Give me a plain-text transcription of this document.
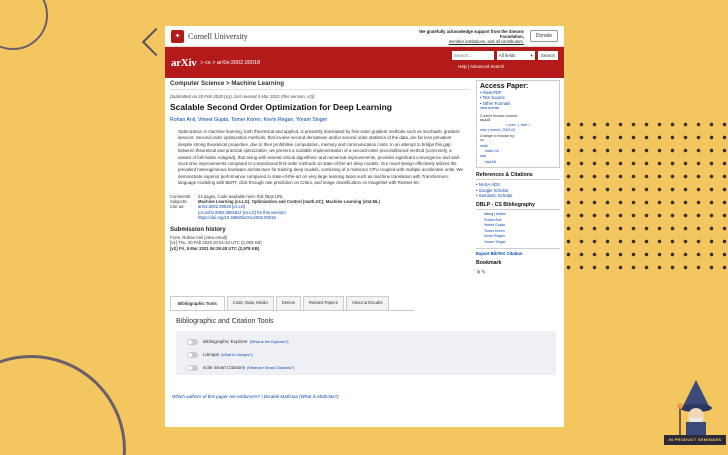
IN PRODUCT SEMINARS
✦ Cornell University
We gratefully acknowledge support from the Simons Foundation,
member institutions, and all contributors.
Donate
arXiv > cs > arXiv:2002.09018
Search...
All fields	▾	Search
Help | Advanced Search
Computer Science > Machine Learning
[Submitted on 20 Feb 2020 (v1), last revised 5 Mar 2021 (this version, v2)]
Scalable Second Order Optimization for Deep Learning
Rohan Anil, Vineet Gupta, Tomer Koren, Kevin Regan, Yoram Singer
Optimization in machine learning, both theoretical and applied, is presently dominated by first-order gradient methods such as stochastic gradient descent. Second-order optimization methods, that involve second derivatives and/or second order statistics of the data, are far less prevalent despite strong theoretical properties, due to their prohibitive computation, memory and communication costs. In an attempt to bridge this gap between theoretical and practical optimization, we present a scalable implementation of a second-order preconditioned method (concretely, a variant of full-matrix Adagrad), that along with several critical algorithmic and numerical improvements, provides significant convergence and wall-clock time improvements compared to conventional first-order methods on state-of-the-art deep models. Our novel design effectively utilizes the prevalent heterogeneous hardware architecture for training deep models, consisting of a multicore CPU coupled with multiple accelerator units. We demonstrate superior performance compared to state-of-the-art on very large learning tasks such as machine translation with Transformers, language modeling with BERT, click-through rate prediction on Criteo, and image classification on ImageNet with ResNet-50.
Comments:	24 pages, Code available here: this https URL
Subjects:	Machine Learning (cs.LG); Optimization and Control (math.OC); Machine Learning (stat.ML)
Cite as:	arXiv:2002.09018 [cs.LG]
(or arXiv:2002.09018v2 [cs.LG] for this version)
https://doi.org/10.48550/arXiv.2002.09018
Submission history
From: Rohan Anil [view email]
[v1] Thu, 20 Feb 2020 20:51:33 UTC (2,093 KB)
[v2] Fri, 5 Mar 2021 06:29:48 UTC (2,978 KB)
Bibliographic Tools	Code, Data, Media	Demos	Related Papers	About arXivLabs
Bibliographic and Citation Tools
Bibliographic Explorer (What is the Explorer?)
Litmaps (What is Litmaps?)
scite Smart Citations (What are Smart Citations?)
Which authors of this paper are endorsers? | Disable MathJax (What is MathJax?)
Access Paper:
• View PDF
• TeX Source
• Other Formats
view license
Current browse context:
cs.LG
< prev  |  next >
new | recent | 2002.02
Change to browse by:
cs
math
math.OC
stat
stat.ML
References & Citations
• NASA ADS
• Google Scholar
• Semantic Scholar
DBLP - CS Bibliography
listing | bibtex
Rohan Anil
Vineet Gupta
Tomer Koren
Kevin Regan
Yoram Singer
Export BibTeX Citation
Bookmark
✕✎
